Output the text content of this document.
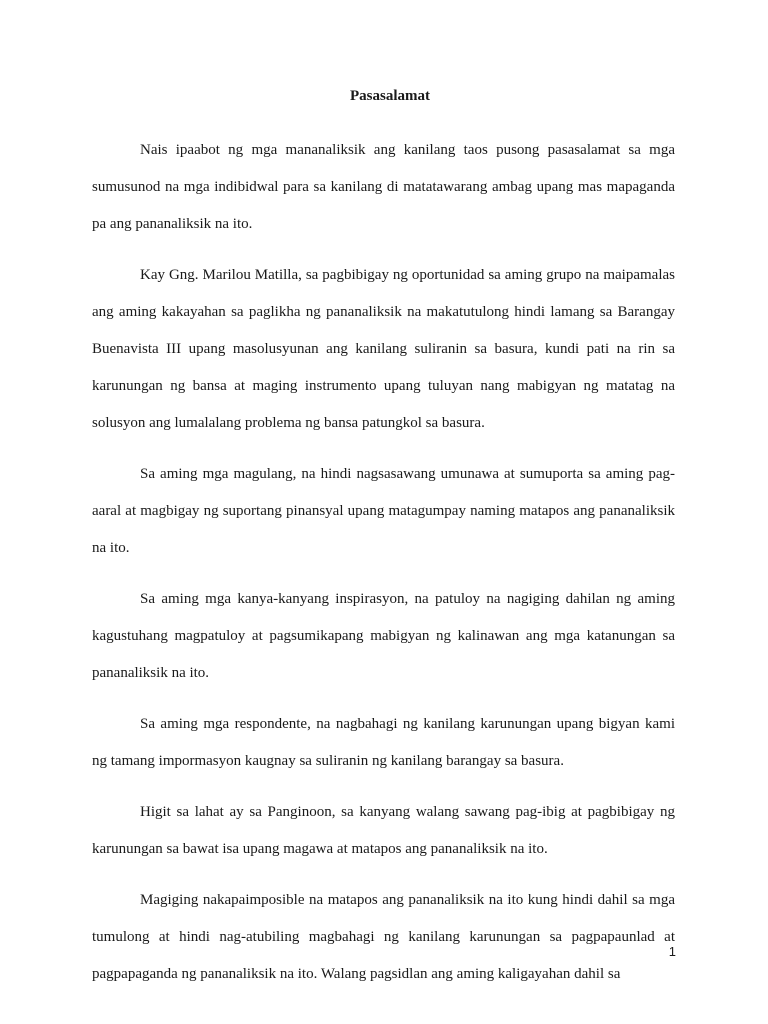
Pasasalamat

Nais ipaabot ng mga mananaliksik ang kanilang taos pusong pasasalamat sa mga sumusunod na mga indibidwal para sa kanilang di matatawarang ambag upang mas mapaganda pa ang pananaliksik na ito.

Kay Gng. Marilou Matilla, sa pagbibigay ng oportunidad sa aming grupo na maipamalas ang aming kakayahan sa paglikha ng pananaliksik na makatutulong hindi lamang sa Barangay Buenavista III upang masolusyunan ang kanilang suliranin sa basura, kundi pati na rin sa karunungan ng bansa at maging instrumento upang tuluyan nang mabigyan ng matatag na solusyon ang lumalalang problema ng bansa patungkol sa basura.

Sa aming mga magulang, na hindi nagsasawang umunawa at sumuporta sa aming pag-aaral at magbigay ng suportang pinansyal upang matagumpay naming matapos ang pananaliksik na ito.

Sa aming mga kanya-kanyang inspirasyon, na patuloy na nagiging dahilan ng aming kagustuhang magpatuloy at pagsumikapang mabigyan ng kalinawan ang mga katanungan sa pananaliksik na ito.

Sa aming mga respondente, na nagbahagi ng kanilang karunungan upang bigyan kami ng tamang impormasyon kaugnay sa suliranin ng kanilang barangay sa basura.

Higit sa lahat ay sa Panginoon, sa kanyang walang sawang pag-ibig at pagbibigay ng karunungan sa bawat isa upang magawa at matapos ang pananaliksik na ito.

Magiging nakapaimposible na matapos ang pananaliksik na ito kung hindi dahil sa mga tumulong at hindi nag-atubiling magbahagi ng kanilang karunungan sa pagpapaunlad at pagpapaganda ng pananaliksik na ito. Walang pagsidlan ang aming kaligayahan dahil sa

1
